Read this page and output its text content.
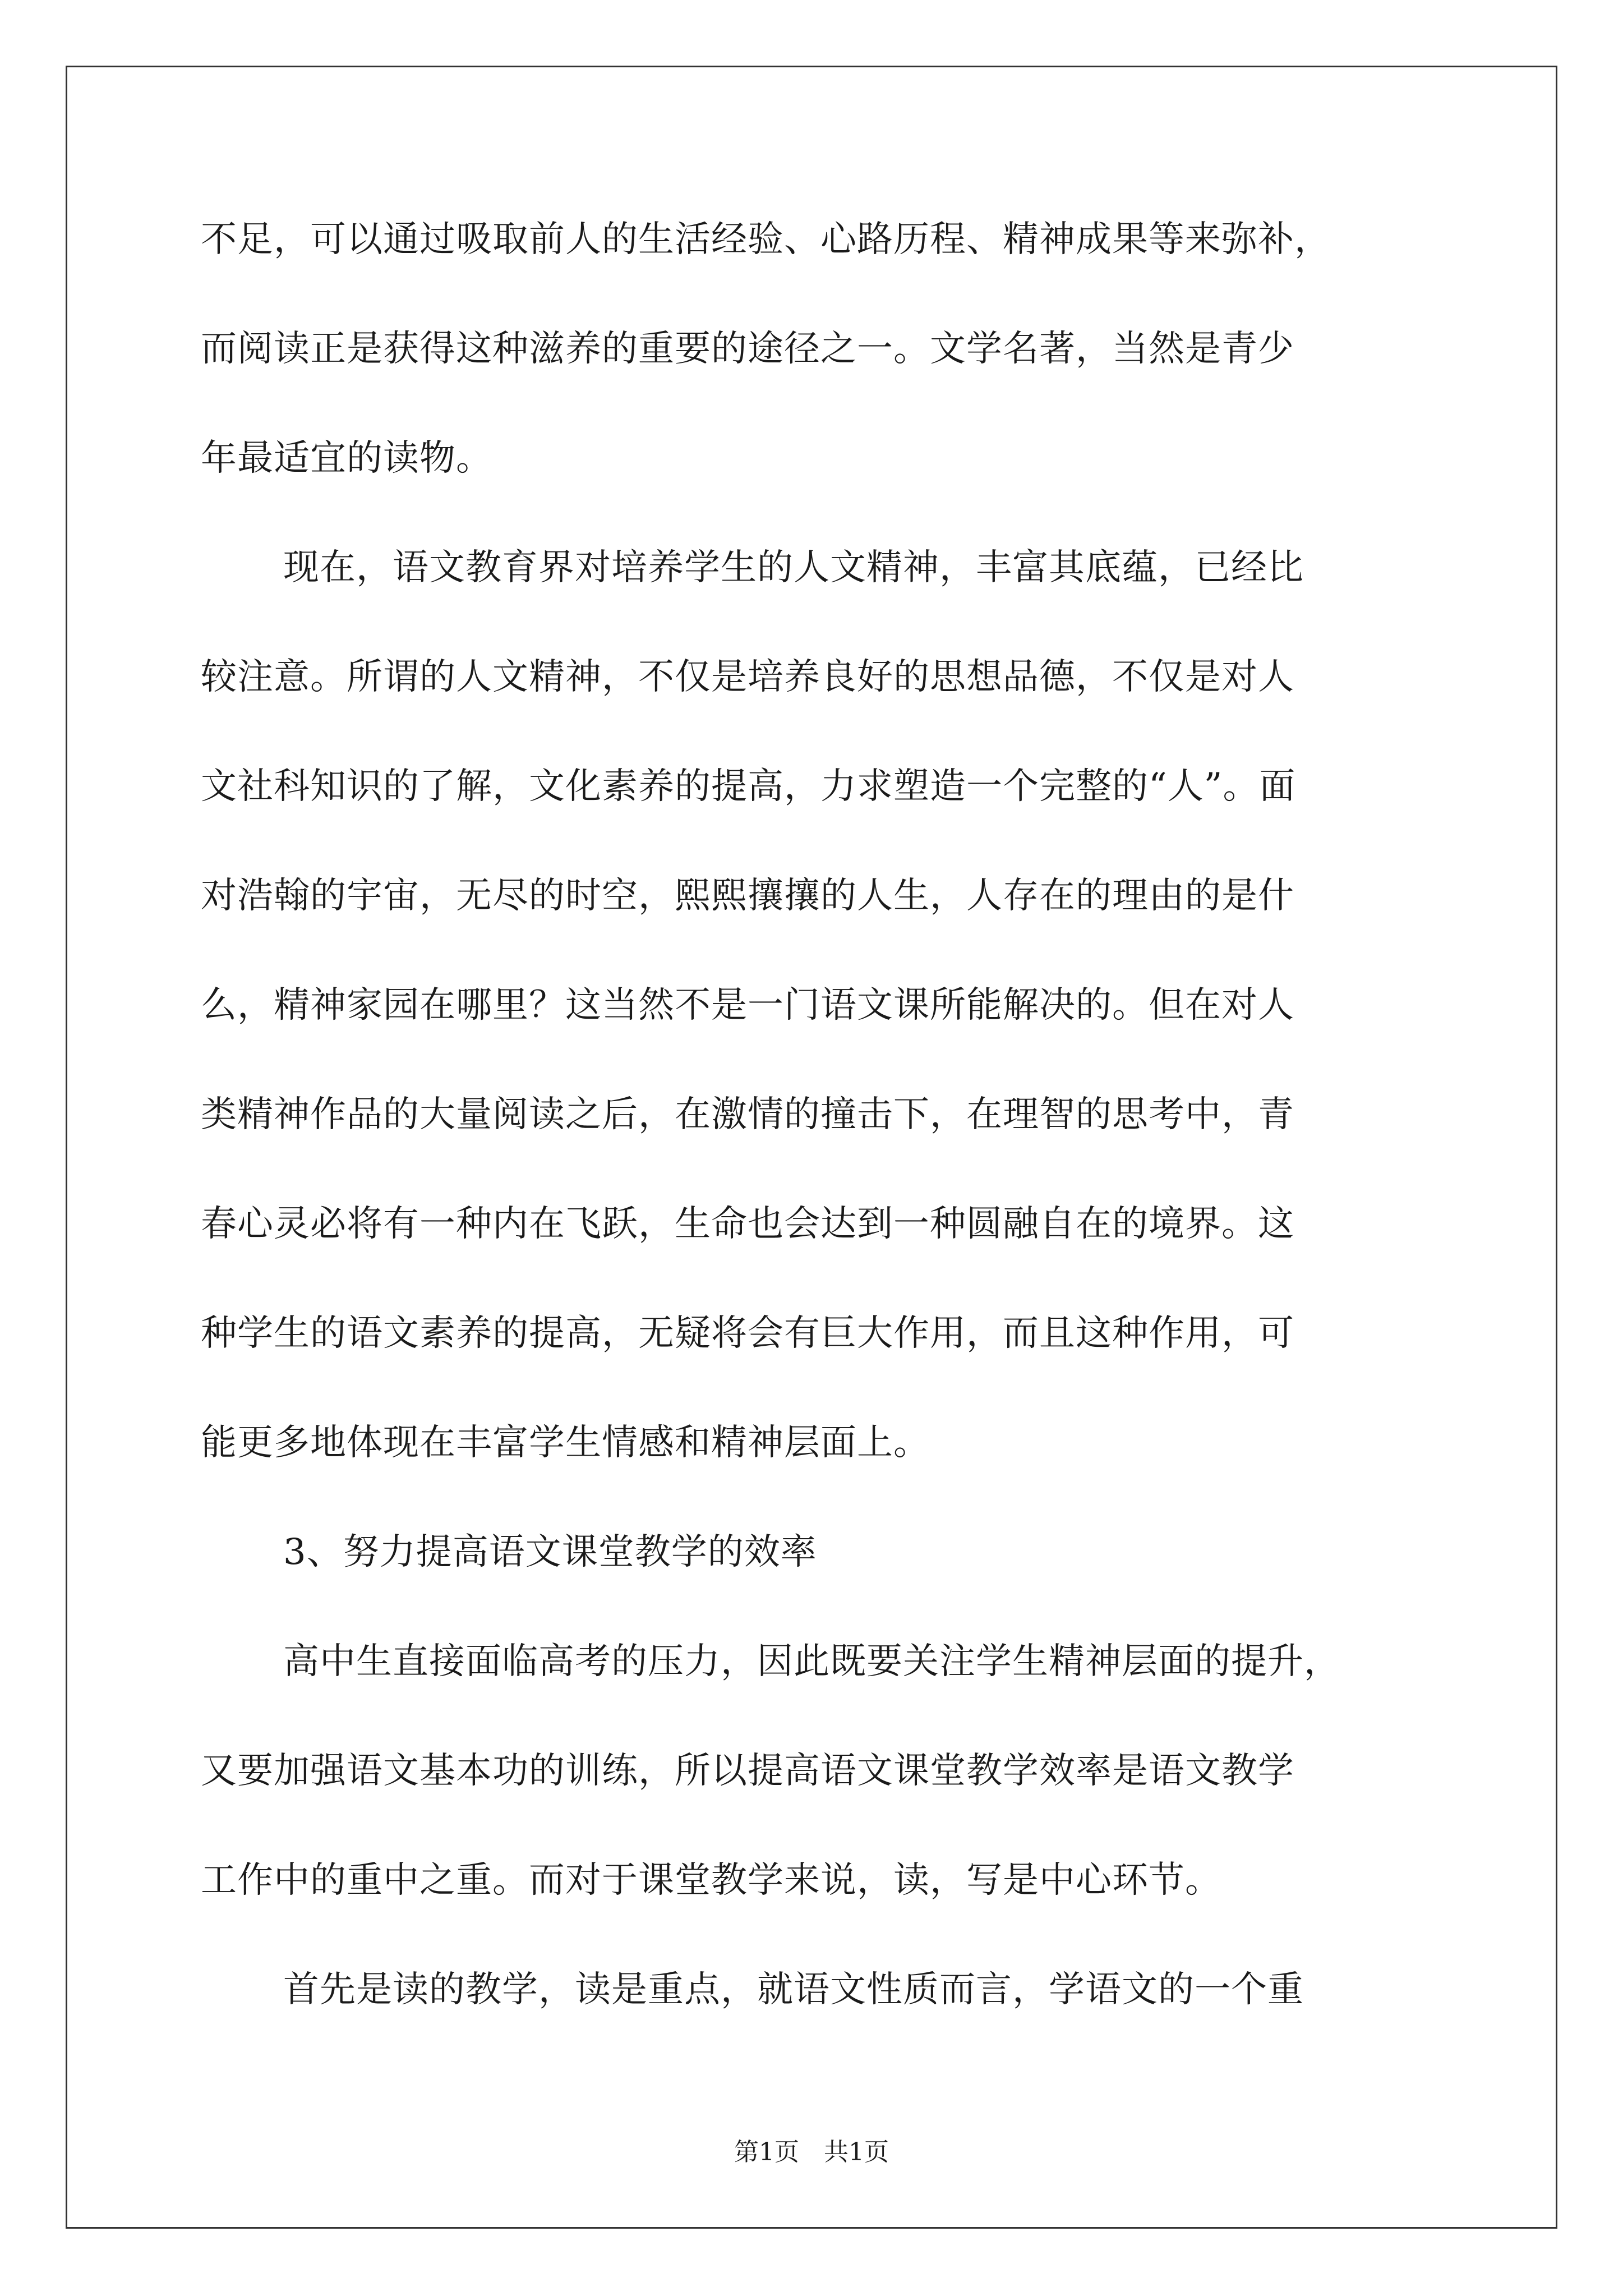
不足，可以通过吸取前人的生活经验、心路历程、精神成果等来弥补，
而阅读正是获得这种滋养的重要的途径之一。文学名著，当然是青少
年最适宜的读物。
现在，语文教育界对培养学生的人文精神，丰富其底蕴，已经比
较注意。所谓的人文精神，不仅是培养良好的思想品德，不仅是对人
文社科知识的了解，文化素养的提高，力求塑造一个完整的“人”。面
对浩翰的宇宙，无尽的时空，熙熙攘攘的人生，人存在的理由的是什
么，精神家园在哪里？这当然不是一门语文课所能解决的。但在对人
类精神作品的大量阅读之后，在激情的撞击下，在理智的思考中，青
春心灵必将有一种内在飞跃，生命也会达到一种圆融自在的境界。这
种学生的语文素养的提高，无疑将会有巨大作用，而且这种作用，可
能更多地体现在丰富学生情感和精神层面上。
3、努力提高语文课堂教学的效率
高中生直接面临高考的压力，因此既要关注学生精神层面的提升，
又要加强语文基本功的训练，所以提高语文课堂教学效率是语文教学
工作中的重中之重。而对于课堂教学来说，读，写是中心环节。
首先是读的教学，读是重点，就语文性质而言，学语文的一个重
第1页　共1页
